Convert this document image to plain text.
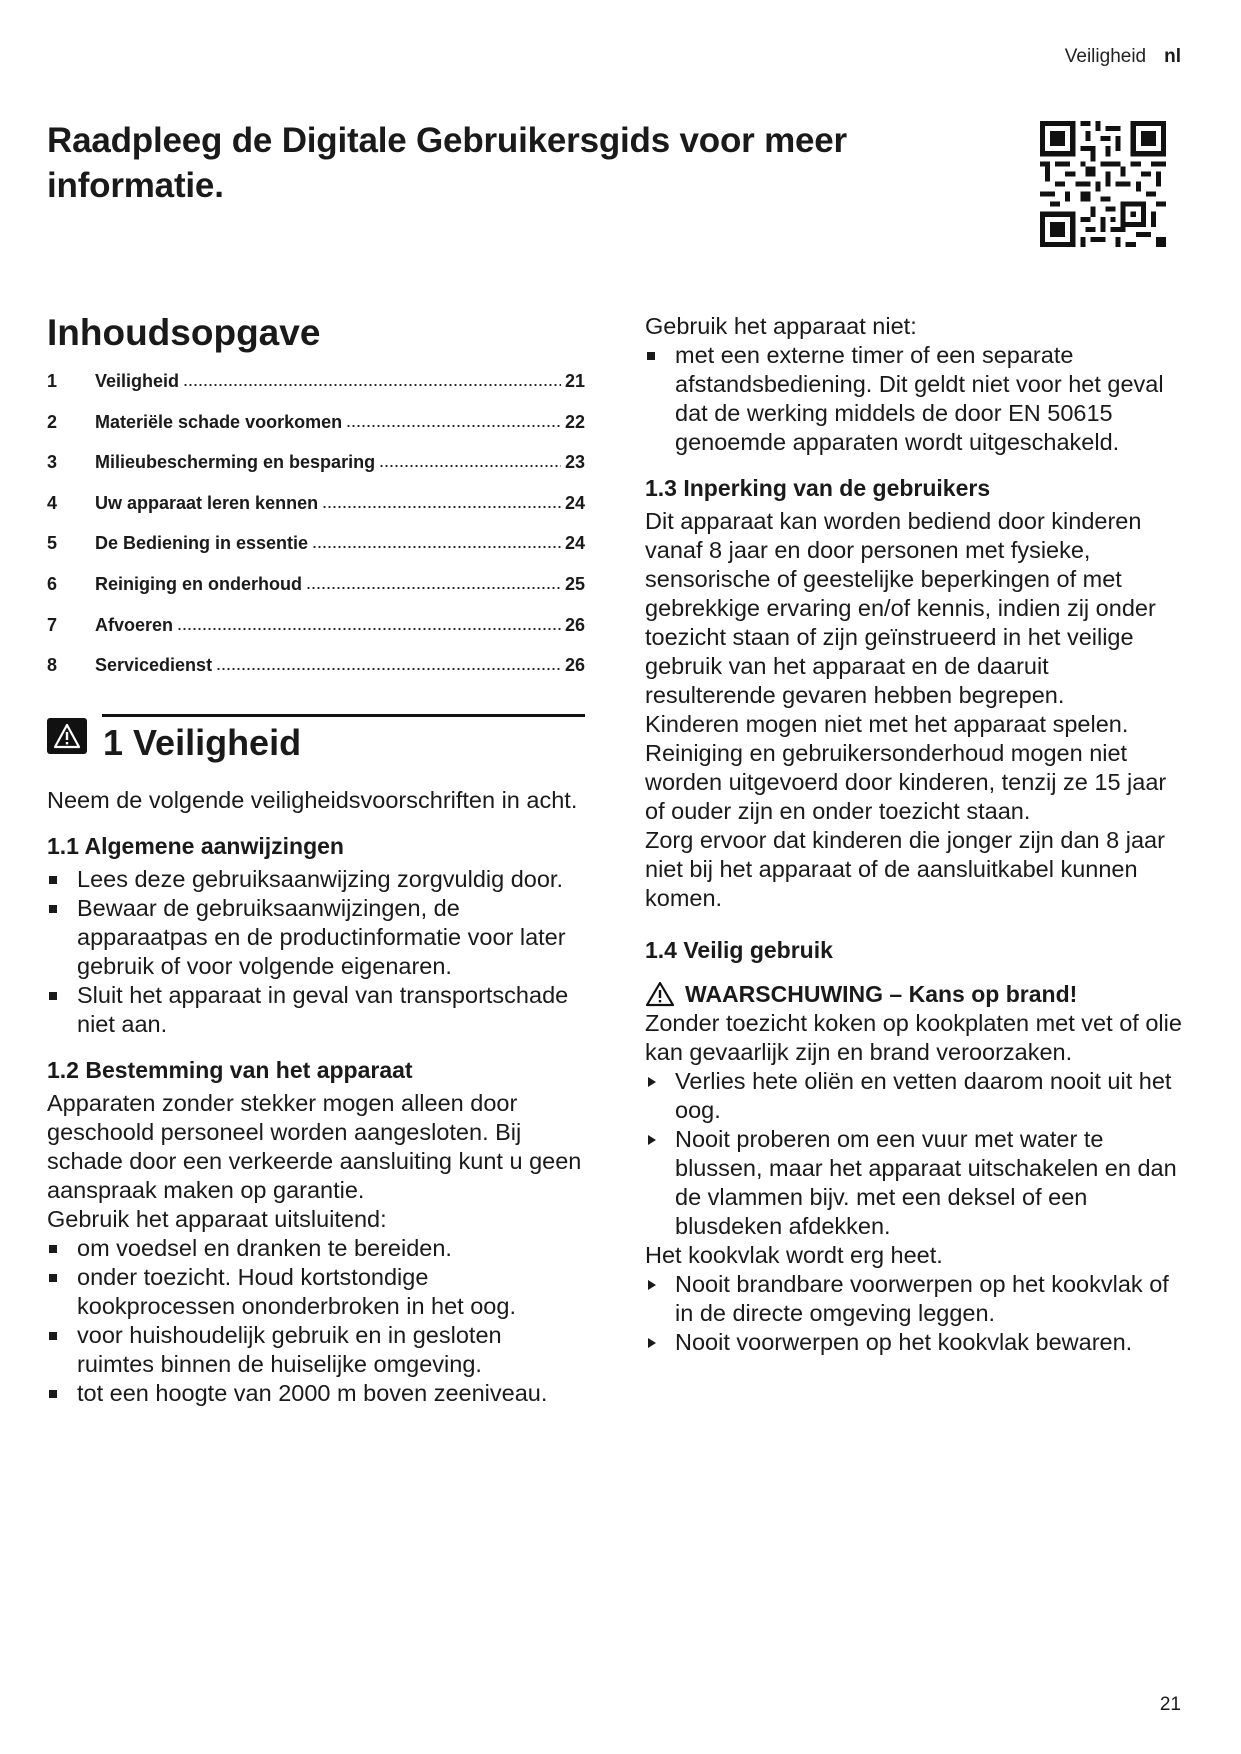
Veiligheid nl
Raadpleeg de Digitale Gebruikersgids voor meer informatie.
Inhoudsopgave
1	Veiligheid	21
2	Materiële schade voorkomen	22
3	Milieubescherming en besparing	23
4	Uw apparaat leren kennen	24
5	De Bediening in essentie	24
6	Reiniging en onderhoud	25
7	Afvoeren	26
8	Servicedienst	26
1 Veiligheid

Neem de volgende veiligheidsvoorschriften in acht.

1.1 Algemene aanwijzingen
Lees deze gebruiksaanwijzing zorgvuldig door.
Bewaar de gebruiksaanwijzingen, de apparaatpas en de productinformatie voor later gebruik of voor volgende eigenaren.
Sluit het apparaat in geval van transportschade niet aan.
1.2 Bestemming van het apparaat

Apparaten zonder stekker mogen alleen door geschoold personeel worden aangesloten. Bij schade door een verkeerde aansluiting kunt u geen aanspraak maken op garantie.

Gebruik het apparaat uitsluitend:

om voedsel en dranken te bereiden.
onder toezicht. Houd kortstondige kookprocessen ononderbroken in het oog.
voor huishoudelijk gebruik en in gesloten ruimtes binnen de huiselijke omgeving.
tot een hoogte van 2000 m boven zeeniveau.

Gebruik het apparaat niet:

met een externe timer of een separate afstandsbediening. Dit geldt niet voor het geval dat de werking middels de door EN 50615 genoemde apparaten wordt uitgeschakeld.
1.3 Inperking van de gebruikers

Dit apparaat kan worden bediend door kinderen vanaf 8 jaar en door personen met fysieke, sensorische of geestelijke beperkingen of met gebrekkige ervaring en/of kennis, indien zij onder toezicht staan of zijn geïnstrueerd in het veilige gebruik van het apparaat en de daaruit resulterende gevaren hebben begrepen.

Kinderen mogen niet met het apparaat spelen.

Reiniging en gebruikersonderhoud mogen niet worden uitgevoerd door kinderen, tenzij ze 15 jaar of ouder zijn en onder toezicht staan.

Zorg ervoor dat kinderen die jonger zijn dan 8 jaar niet bij het apparaat of de aansluitkabel kunnen komen.

1.4 Veilig gebruik
WAARSCHUWING – Kans op brand!

Zonder toezicht koken op kookplaten met vet of olie kan gevaarlijk zijn en brand veroorzaken.

Verlies hete oliën en vetten daarom nooit uit het oog.
Nooit proberen om een vuur met water te blussen, maar het apparaat uitschakelen en dan de vlammen bijv. met een deksel of een blusdeken afdekken.

Het kookvlak wordt erg heet.

Nooit brandbare voorwerpen op het kookvlak of in de directe omgeving leggen.
Nooit voorwerpen op het kookvlak bewaren.
21
